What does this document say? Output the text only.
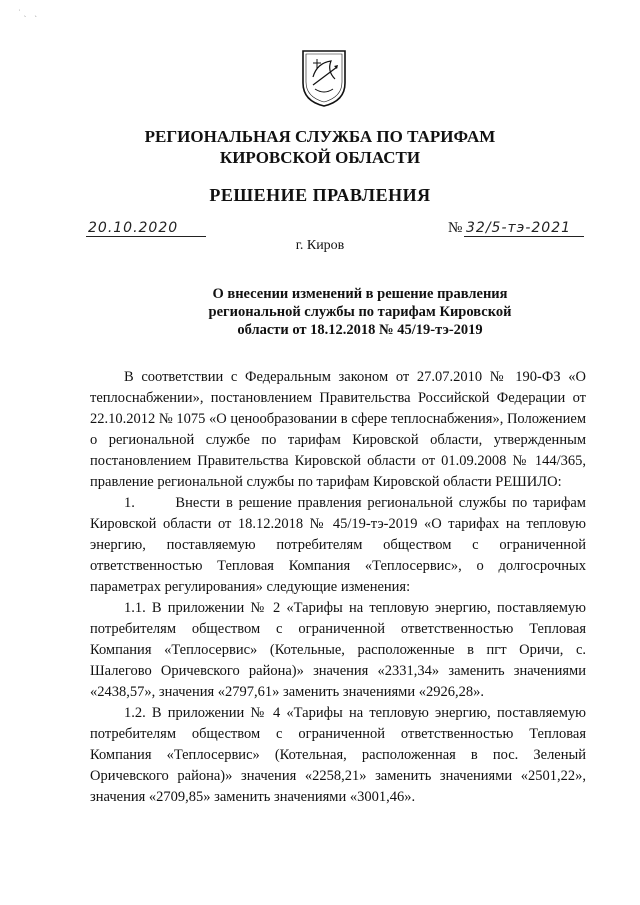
˙ˏ ˎ
РЕГИОНАЛЬНАЯ СЛУЖБА ПО ТАРИФАМ
КИРОВСКОЙ ОБЛАСТИ
РЕШЕНИЕ ПРАВЛЕНИЯ
20.10.2020	№ 32/5-тэ-2021
г. Киров
О внесении изменений в решение правления
региональной службы по тарифам Кировской
области от 18.12.2018 № 45/19-тэ-2019

В соответствии с Федеральным законом от 27.07.2010 № 190-ФЗ «О теплоснабжении», постановлением Правительства Российской Федерации от 22.10.2012 № 1075 «О ценообразовании в сфере теплоснабжения», Положением о региональной службе по тарифам Кировской области, утвержденным постановлением Правительства Кировской области от 01.09.2008 № 144/365, правление региональной службы по тарифам Кировской области РЕШИЛО:

1.       Внести в решение правления региональной службы по тарифам Кировской области от 18.12.2018 № 45/19-тэ-2019 «О тарифах на тепловую энергию, поставляемую потребителям обществом с ограниченной ответственностью Тепловая Компания «Теплосервис», о долгосрочных параметрах регулирования» следующие изменения:

1.1. В приложении № 2 «Тарифы на тепловую энергию, поставляемую потребителям обществом с ограниченной ответственностью Тепловая Компания «Теплосервис» (Котельные, расположенные в пгт Оричи, с. Шалегово Оричевского района)» значения «2331,34» заменить значениями «2438,57», значения «2797,61» заменить значениями «2926,28».

1.2. В приложении № 4 «Тарифы на тепловую энергию, поставляемую потребителям обществом с ограниченной ответственностью Тепловая Компания «Теплосервис» (Котельная, расположенная в пос. Зеленый Оричевского района)» значения «2258,21» заменить значениями «2501,22», значения «2709,85» заменить значениями «3001,46».
